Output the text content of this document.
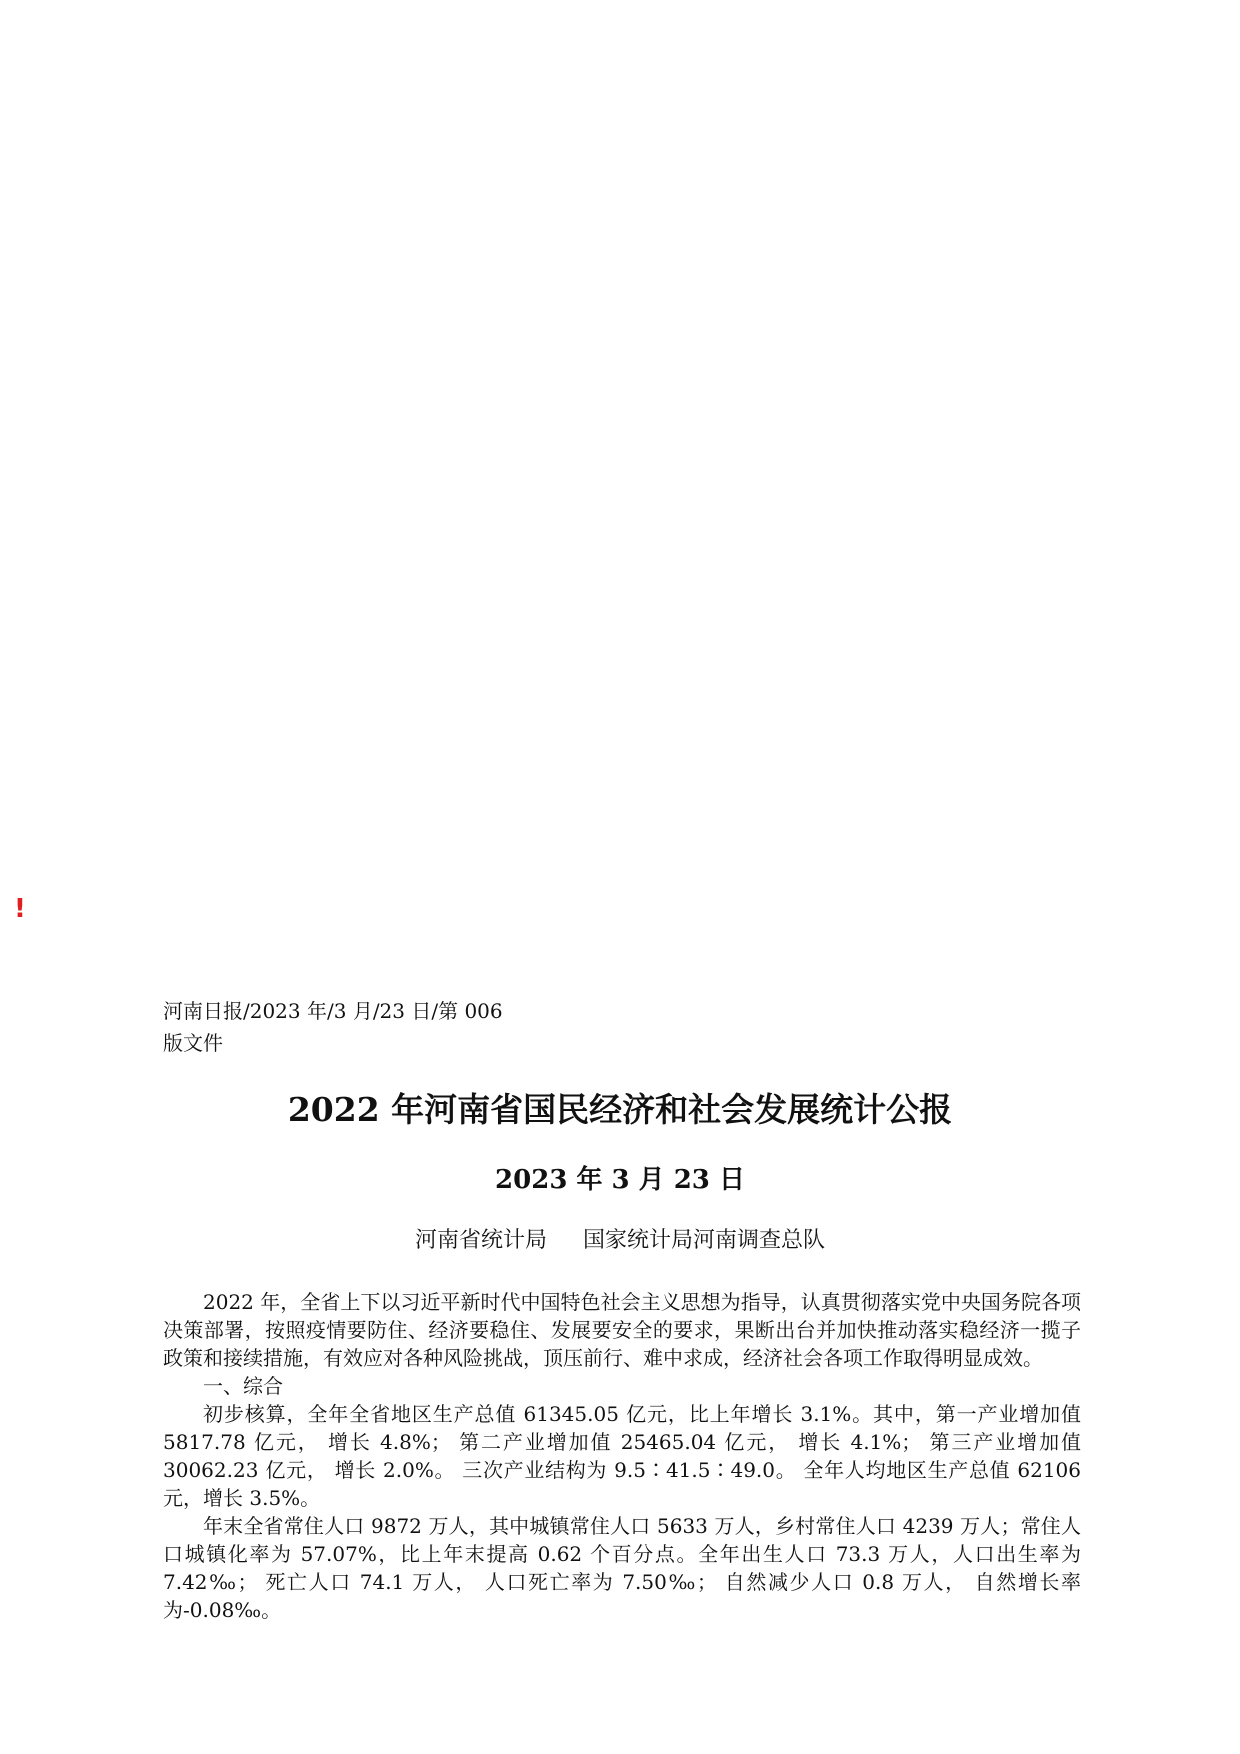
!
河南日报/2023 年/3 月/23 日/第 006 版文件
2022 年河南省国民经济和社会发展统计公报
2023 年 3 月 23 日
河南省统计局 国家统计局河南调查总队

2022 年，全省上下以习近平新时代中国特色社会主义思想为指导，认真贯彻落实党中央国务院各项决策部署，按照疫情要防住、经济要稳住、发展要安全的要求，果断出台并加快推动落实稳经济一揽子政策和接续措施，有效应对各种风险挑战，顶压前行、难中求成，经济社会各项工作取得明显成效。

一、综合

初步核算，全年全省地区生产总值 61345.05 亿元，比上年增长 3.1%。其中，第一产业增加值 5817.78 亿元， 增长 4.8%； 第二产业增加值 25465.04 亿元， 增长 4.1%； 第三产业增加值 30062.23 亿元， 增长 2.0%。 三次产业结构为 9.5∶41.5∶49.0。 全年人均地区生产总值 62106 元，增长 3.5%。

年末全省常住人口 9872 万人，其中城镇常住人口 5633 万人，乡村常住人口 4239 万人；常住人口城镇化率为 57.07%，比上年末提高 0.62 个百分点。全年出生人口 73.3 万人，人口出生率为 7.42‰； 死亡人口 74.1 万人， 人口死亡率为 7.50‰； 自然减少人口 0.8 万人， 自然增长率为-0.08‰。
